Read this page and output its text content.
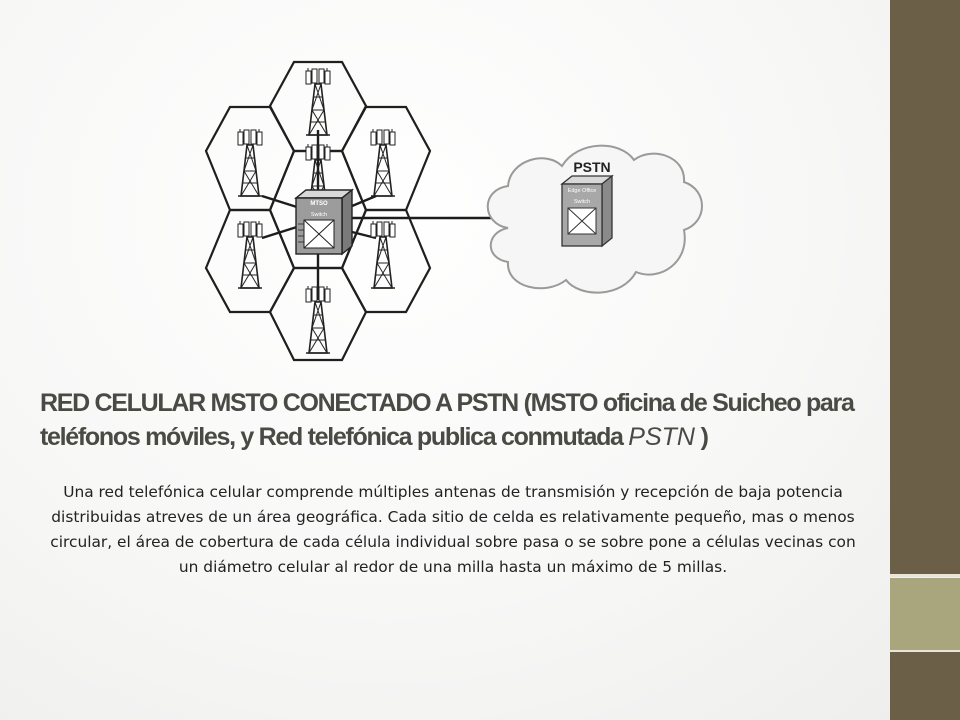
MTSO
Switch
PSTN
Edge Office
Switch
RED CELULAR MSTO CONECTADO A PSTN (MSTO oficina de Suicheo para teléfonos móviles, y Red telefónica publica conmutada PSTN )

Una red telefónica celular comprende múltiples antenas de transmisión y recepción de baja potencia distribuidas atreves de un área geográfica. Cada sitio de celda es relativamente pequeño, mas o menos circular, el área de cobertura de cada célula individual sobre pasa o se sobre pone a células vecinas con un diámetro celular al redor de una milla hasta un máximo de 5 millas.
